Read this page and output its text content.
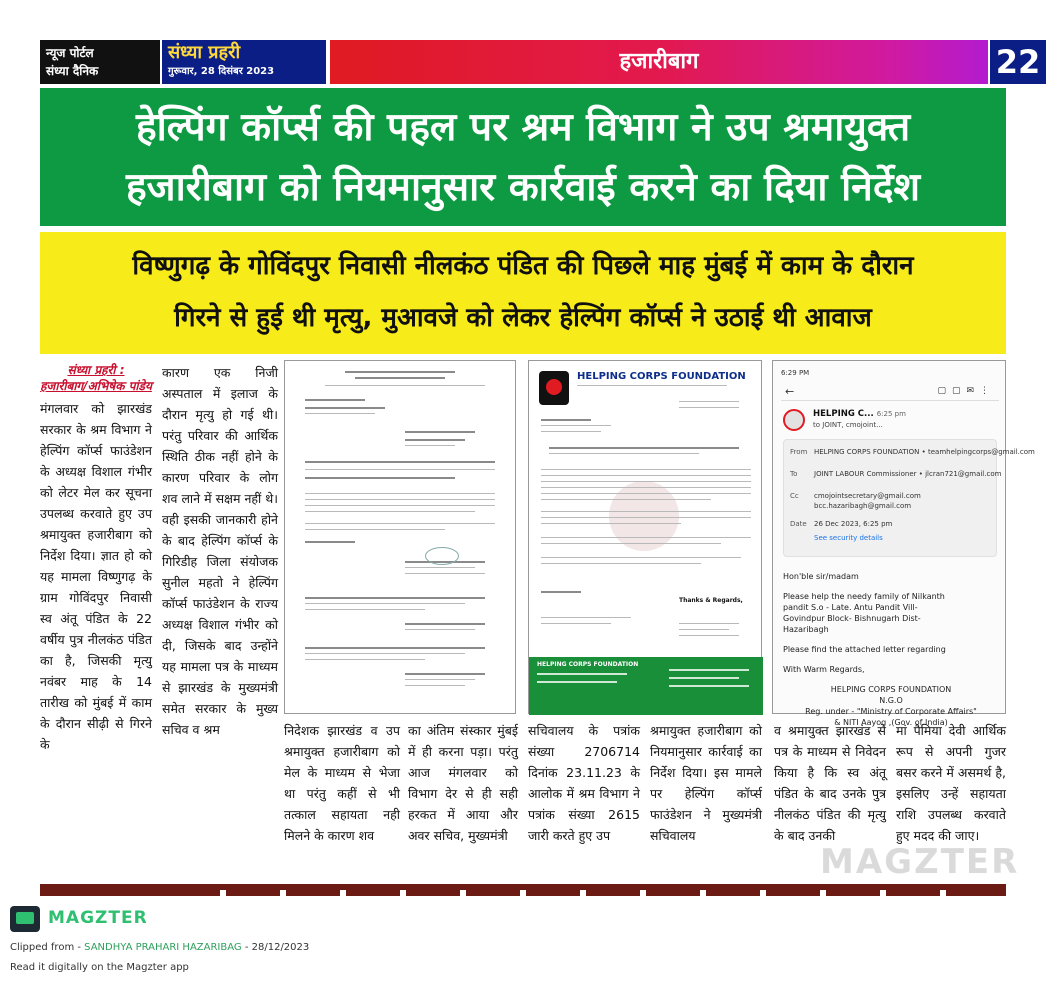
न्यूज पोर्टल
संध्या दैनिक
संध्या प्रहरी
गुरूवार, 28 दिसंबर 2023	हजारीबाग	22
हेल्पिंग कॉर्प्स की पहल पर श्रम विभाग ने उप श्रमायुक्त
हजारीबाग को नियमानुसार कार्रवाई करने का दिया निर्देश
विष्णुगढ़ के गोविंदपुर निवासी नीलकंठ पंडित की पिछले माह मुंबई में काम के दौरान
गिरने से हुई थी मृत्यु, मुआवजे को लेकर हेल्पिंग कॉर्प्स ने उठाई थी आवाज
संध्या प्रहरी :
हजारीबाग/अभिषेक पांडेय

मंगलवार को झारखंड सरकार के श्रम विभाग ने हेल्पिंग कॉर्प्स फाउंडेशन के अध्यक्ष विशाल गंभीर को लेटर मेल कर सूचना उपलब्ध करवाते हुए उप श्रमायुक्त हजारीबाग को निर्देश दिया। ज्ञात हो को यह मामला विष्णुगढ़ के ग्राम गोविंदपुर निवासी स्व अंतू पंडित के 22 वर्षीय पुत्र नीलकंठ पंडित का है, जिसकी मृत्यु नवंबर माह के 14 तारीख को मुंबई में काम के दौरान सीढ़ी से गिरने के

कारण एक निजी अस्पताल में इलाज के दौरान मृत्यु हो गई थी। परंतु परिवार की आर्थिक स्थिति ठीक नहीं होने के कारण परिवार के लोग शव लाने में सक्षम नहीं थे।वही इसकी जानकारी होने के बाद हेल्पिंग कॉर्प्स के गिरिडीह जिला संयोजक सुनील महतो ने हेल्पिंग कॉर्प्स फाउंडेशन के राज्य अध्यक्ष विशाल गंभीर को दी, जिसके बाद उन्होंने यह मामला पत्र के माध्यम से झारखंड के मुख्यमंत्री समेत सरकार के मुख्य सचिव व श्रम	निदेशक झारखंड व उप श्रमायुक्त हजारीबाग को मेल के माध्यम से भेजा था परंतु कहीं से भी तत्काल सहायता नही मिलने के कारण शव

का अंतिम संस्कार मुंबई में ही करना पड़ा। परंतु आज मंगलवार को विभाग देर से ही सही हरकत में आया और अवर सचिव, मुख्यमंत्री

सचिवालय के पत्रांक संख्या 2706714 दिनांक 23.11.23 के आलोक में श्रम विभाग ने पत्रांक संख्या 2615 जारी करते हुए उप

श्रमायुक्त हजारीबाग को नियमानुसार कार्रवाई का निर्देश दिया। इस मामले पर हेल्पिंग कॉर्प्स फाउंडेशन ने मुख्यमंत्री सचिवालय

व श्रमायुक्त झारखंड से पत्र के माध्यम से निवेदन किया है कि स्व अंतू पंडित के बाद उनके पुत्र नीलकंठ पंडित की मृत्यु के बाद उनकी

मां पैमिया देवी आर्थिक रूप से अपनी गुजर बसर करने में असमर्थ है, इसलिए उन्हें सहायता राशि उपलब्ध करवाते हुए मदद की जाए।

HELPING CORPS FOUNDATION
Thanks & Regards,
HELPING CORPS FOUNDATION
6:29 PM
←	▢▢✉⋮
HELPING C... 6:25 pm
to JOINT, cmojoint...
From HELPING CORPS FOUNDATION • teamhelpingcorps@gmail.com
To JOINT LABOUR Commissioner • jlcran721@gmail.com
Cc cmojointsecretary@gmail.com
bcc.hazaribagh@gmail.com
Date 26 Dec 2023, 6:25 pm
See security details

Hon'ble sir/madam

Please help the needy family of Nilkanth
pandit S.o - Late. Antu Pandit Vill-
Govindpur Block- Bishnugarh Dist-
Hazaribagh

Please find the attached letter regarding

With Warm Regards,

HELPING CORPS FOUNDATION
N.G.O
Reg. under - "Ministry of Corporate Affairs"
& NITI Aayog ,(Gov. of India)

MAGZTER
MAGZTER
Clipped from - SANDHYA PRAHARI HAZARIBAG - 28/12/2023
Read it digitally on the Magzter app
